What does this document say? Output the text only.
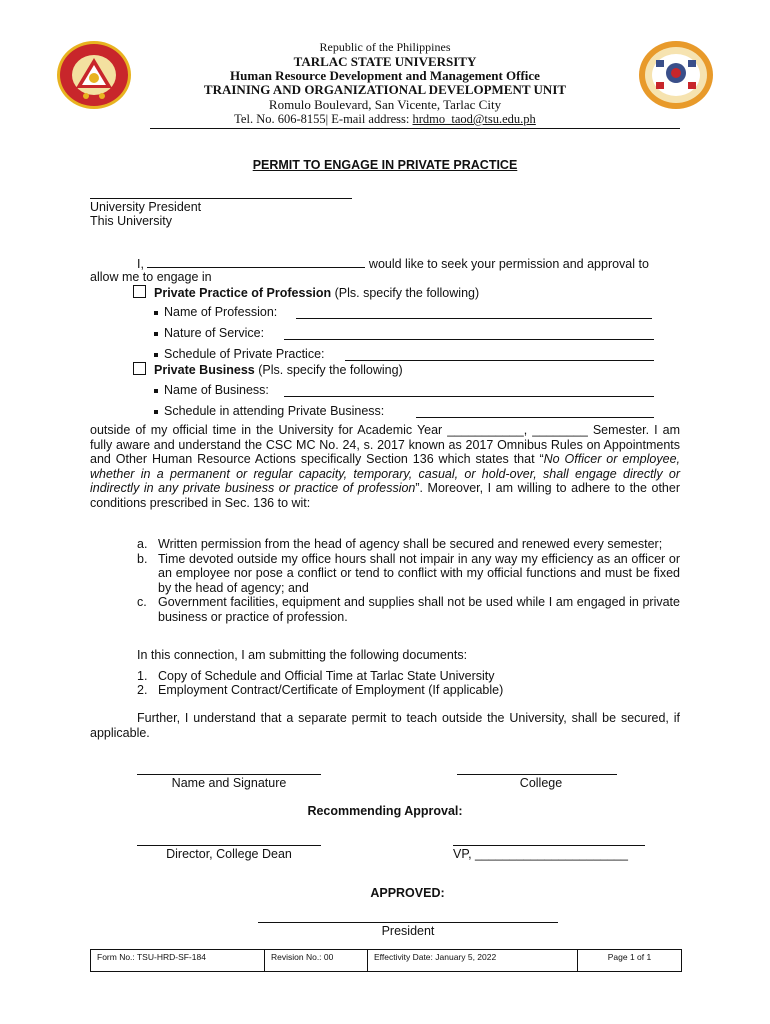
Republic of the Philippines
TARLAC STATE UNIVERSITY
Human Resource Development and Management Office
TRAINING AND ORGANIZATIONAL DEVELOPMENT UNIT
Romulo Boulevard, San Vicente, Tarlac City
Tel. No. 606-8155| E-mail address: hrdmo_taod@tsu.edu.ph
PERMIT TO ENGAGE IN PRIVATE PRACTICE
University President
This University
I,	would like to seek your permission and approval to
allow me to engage in
Private Practice of Profession (Pls. specify the following)
Name of Profession:
Nature of Service:
Schedule of Private Practice:
Private Business (Pls. specify the following)
Name of Business:
Schedule in attending Private Business:
outside of my official time in the University for Academic Year ___________, ________ Semester. I am fully aware and understand the CSC MC No. 24, s. 2017 known as 2017 Omnibus Rules on Appointments and Other Human Resource Actions specifically Section 136 which states that “No Officer or employee, whether in a permanent or regular capacity, temporary, casual, or hold-over, shall engage directly or indirectly in any private business or practice of profession”. Moreover, I am willing to adhere to the other conditions prescribed in Sec. 136 to wit:
a. Written permission from the head of agency shall be secured and renewed every semester;
b. Time devoted outside my office hours shall not impair in any way my efficiency as an officer or an employee nor pose a conflict or tend to conflict with my official functions and must be fixed by the head of agency; and
c. Government facilities, equipment and supplies shall not be used while I am engaged in private business or practice of profession.
In this connection, I am submitting the following documents:
1. Copy of Schedule and Official Time at Tarlac State University
2. Employment Contract/Certificate of Employment (If applicable)
Further, I understand that a separate permit to teach outside the University, shall be secured, if applicable.
Name and Signature	College
Recommending Approval:
Director, College Dean	VP, ______________________
APPROVED:
President
Form No.: TSU-HRD-SF-184	Revision No.: 00	Effectivity Date: January 5, 2022	Page 1 of 1
